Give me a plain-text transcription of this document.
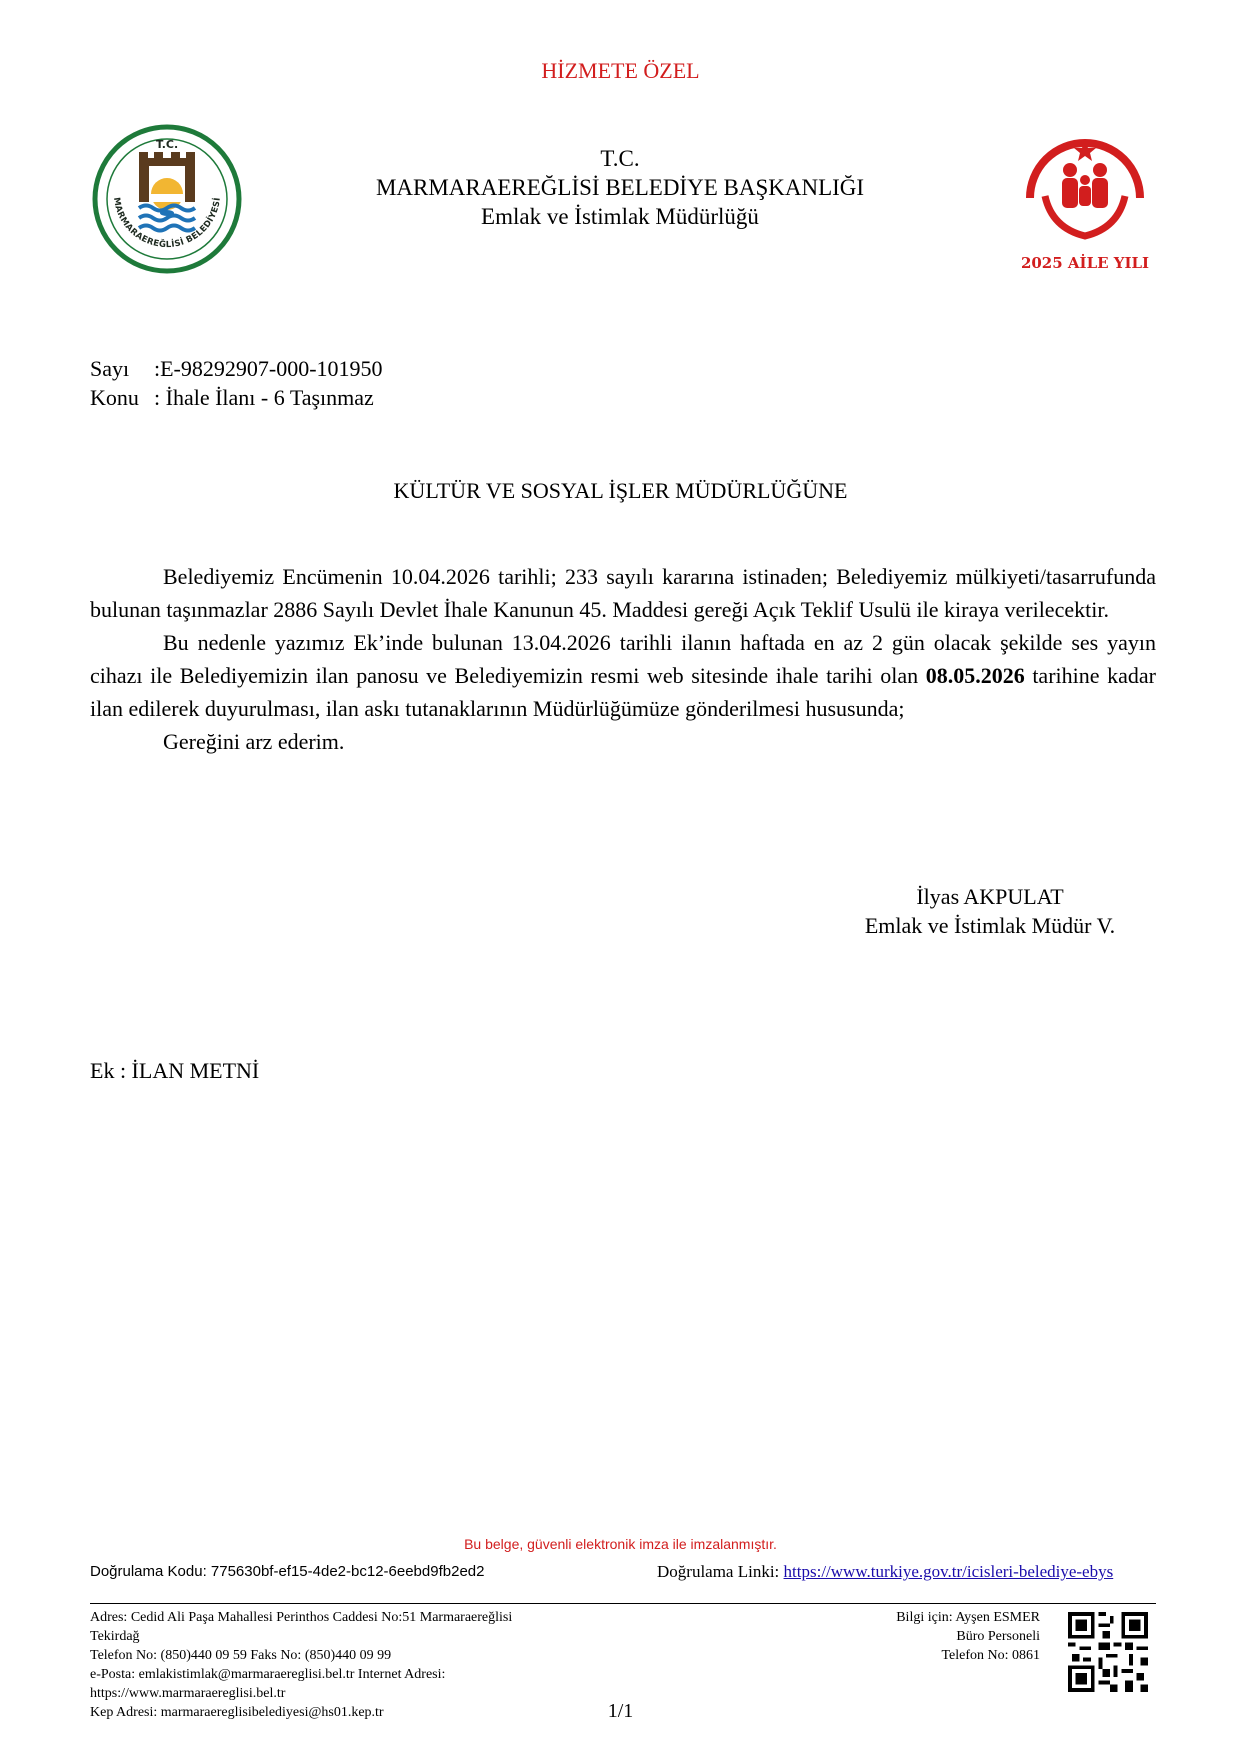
HİZMETE ÖZEL
T.C.
MARMARAEREĞLİSİ BELEDİYESİ
T.C.
MARMARAEREĞLİSİ BELEDİYE BAŞKANLIĞI
Emlak ve İstimlak Müdürlüğü
2025 AİLE YILI
Sayı :E-98292907-000-101950
Konu : İhale İlanı - 6 Taşınmaz
KÜLTÜR VE SOSYAL İŞLER MÜDÜRLÜĞÜNE

Belediyemiz Encümenin 10.04.2026 tarihli; 233 sayılı kararına istinaden; Belediyemiz mülkiyeti/tasarrufunda bulunan taşınmazlar 2886 Sayılı Devlet İhale Kanunun 45. Maddesi gereği Açık Teklif Usulü ile kiraya verilecektir.

Bu nedenle yazımız Ek’inde bulunan 13.04.2026 tarihli ilanın haftada en az 2 gün olacak şekilde ses yayın cihazı ile Belediyemizin ilan panosu ve Belediyemizin resmi web sitesinde ihale tarihi olan 08.05.2026 tarihine kadar ilan edilerek duyurulması, ilan askı tutanaklarının Müdürlüğümüze gönderilmesi hususunda;

Gereğini arz ederim.

İlyas AKPULAT
Emlak ve İstimlak Müdür V.
Ek : İLAN METNİ
Bu belge, güvenli elektronik imza ile imzalanmıştır.
Doğrulama Kodu: 775630bf-ef15-4de2-bc12-6eebd9fb2ed2	Doğrulama Linki: https://www.turkiye.gov.tr/icisleri-belediye-ebys
Adres: Cedid Ali Paşa Mahallesi Perinthos Caddesi No:51 Marmaraereğlisi Tekirdağ
Telefon No: (850)440 09 59 Faks No: (850)440 09 99
e-Posta: emlakistimlak@marmaraereglisi.bel.tr Internet Adresi:
https://www.marmaraereglisi.bel.tr
Kep Adresi: marmaraereglisibelediyesi@hs01.kep.tr
Bilgi için: Ayşen ESMER
Büro Personeli
Telefon No: 0861
1/1
